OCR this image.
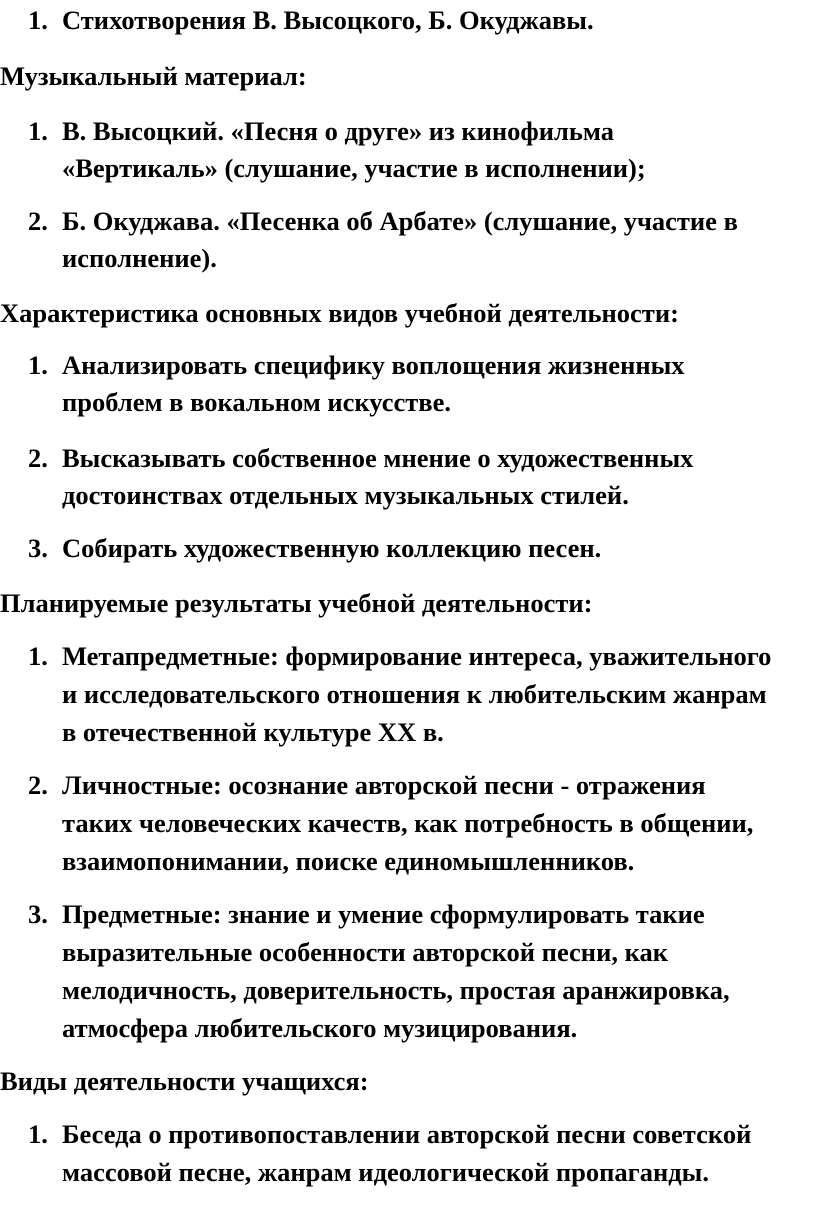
1. Стихотворения В. Высоцкого, Б. Окуджавы.
Музыкальный материал:
1. В. Высоцкий. «Песня о друге» из кинофильма
«Вертикаль» (слушание, участие в исполнении);
2. Б. Окуджава. «Песенка об Арбате» (слушание, участие в
исполнение).
Характеристика основных видов учебной деятельности:
1. Анализировать специфику воплощения жизненных
проблем в вокальном искусстве.
2. Высказывать собственное мнение о художественных
достоинствах отдельных музыкальных стилей.
3. Собирать художественную коллекцию песен.
Планируемые результаты учебной деятельности:
1. Метапредметные: формирование интереса, уважительного
и исследовательского отношения к любительским жанрам
в отечественной культуре XX в.
2. Личностные: осознание авторской песни - отражения
таких человеческих качеств, как потребность в общении,
взаимопонимании, поиске единомышленников.
3. Предметные: знание и умение сформулировать такие
выразительные особенности авторской песни, как
мелодичность, доверительность, простая аранжировка,
атмосфера любительского музицирования.
Виды деятельности учащихся:
1. Беседа о противопоставлении авторской песни советской
массовой песне, жанрам идеологической пропаганды.
